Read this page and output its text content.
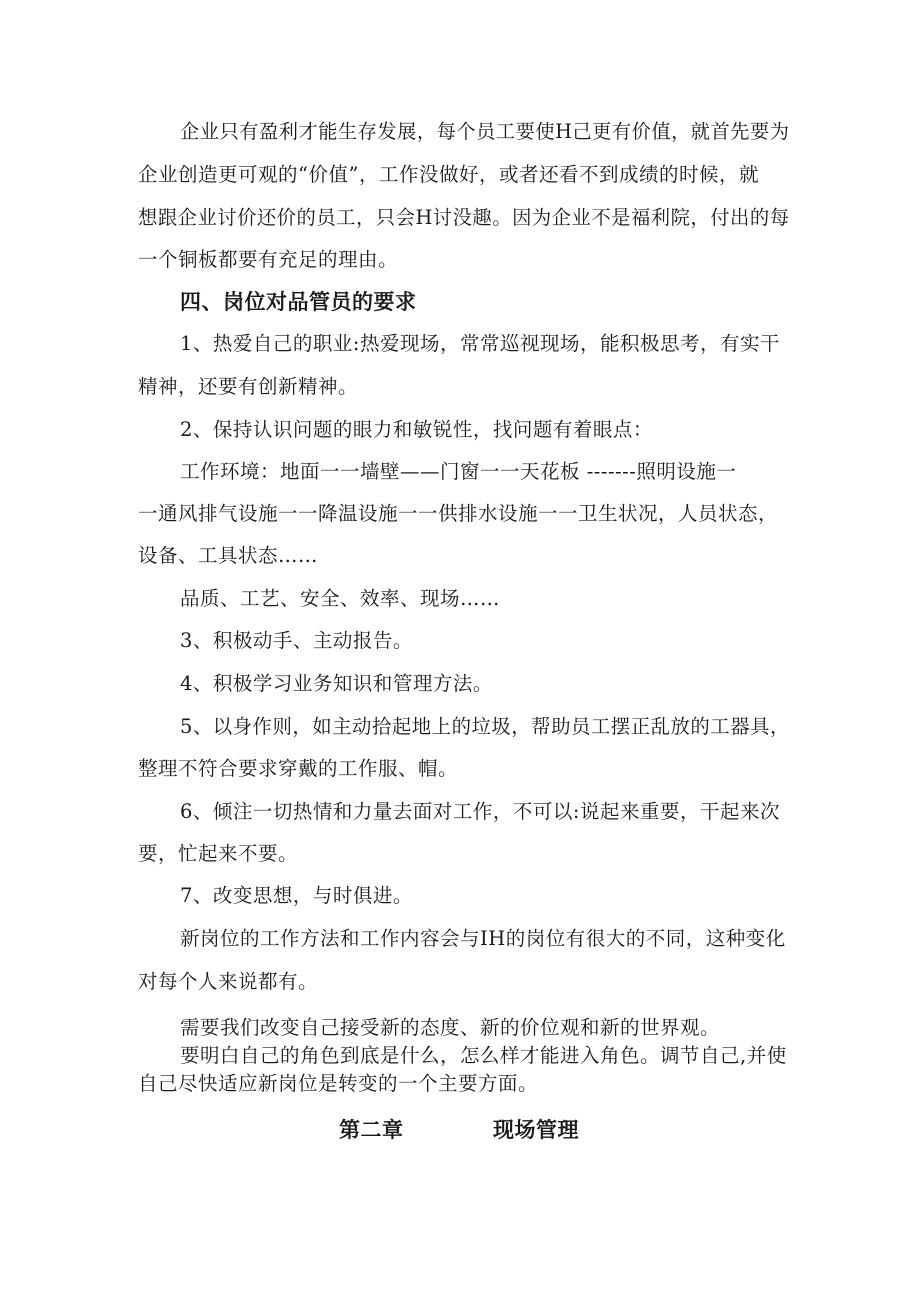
企业只有盈利才能生存发展，每个员工要使H己更有价值，就首先要为
企业创造更可观的“价值”，工作没做好，或者还看不到成绩的时候，就
想跟企业讨价还价的员工，只会H讨没趣。因为企业不是福利院，付出的每
一个铜板都要有充足的理由。
四、岗位对品管员的要求
1、热爱自己的职业:热爱现场，常常巡视现场，能积极思考，有实干
精神，还要有创新精神。
2、保持认识问题的眼力和敏锐性，找问题有着眼点：
工作环境：地面一一墙壁——门窗一一天花板 -------照明设施一
一通风排气设施一一降温设施一一供排水设施一一卫生状况，人员状态，
设备、工具状态……
品质、工艺、安全、效率、现场……
3、积极动手、主动报告。
4、积极学习业务知识和管理方法。
5、以身作则，如主动拾起地上的垃圾，帮助员工摆正乱放的工器具，
整理不符合要求穿戴的工作服、帽。
6、倾注一切热情和力量去面对工作，不可以:说起来重要，干起来次
要，忙起来不要。
7、改变思想，与时俱进。
新岗位的工作方法和工作内容会与IH的岗位有很大的不同，这种变化
对每个人来说都有。
需要我们改变自己接受新的态度、新的价位观和新的世界观。
要明白自己的角色到底是什么，怎么样才能进入角色。调节自己,并使
自己尽快适应新岗位是转变的一个主要方面。
第二章	现场管理
